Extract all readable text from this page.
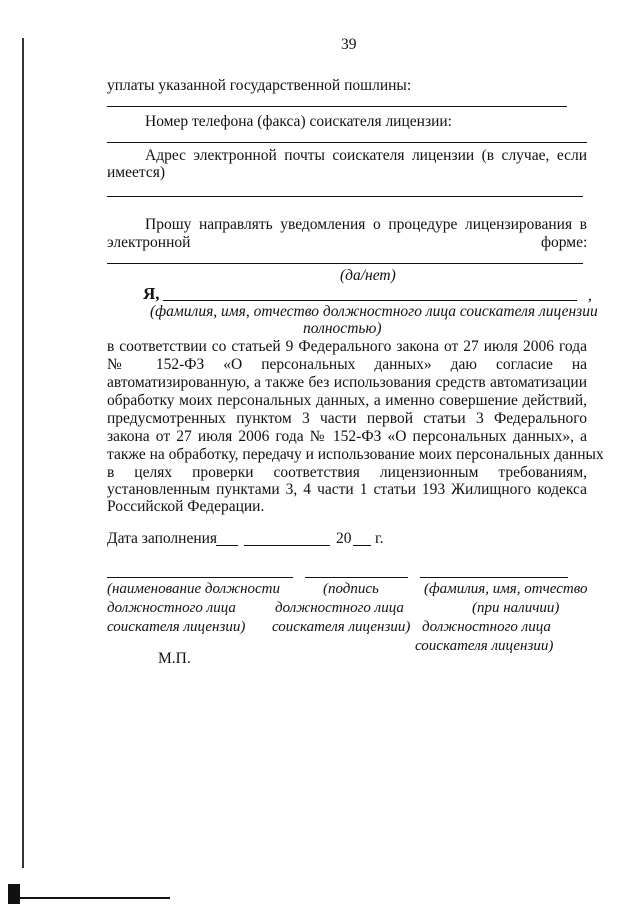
39
уплаты указанной государственной пошлины:
Номер телефона (факса) соискателя лицензии:
Адрес электронной почты соискателя лицензии (в случае, если
имеется)
Прошу направлять уведомления о процедуре лицензирования в
электронной	форме:
(да/нет)
Я,	,
(фамилия, имя, отчество должностного лица соискателя лицензии
полностью)
в соответствии со статьей 9 Федерального закона от 27 июля 2006 года
№ 152-ФЗ «О персональных данных» даю согласие на
автоматизированную, а также без использования средств автоматизации
обработку моих персональных данных, а именно совершение действий,
предусмотренных пунктом 3 части первой статьи 3 Федерального
закона от 27 июля 2006 года № 152-ФЗ «О персональных данных», а
также на обработку, передачу и использование моих персональных данных
в целях проверки соответствия лицензионным требованиям,
установленным пунктами 3, 4 части 1 статьи 193 Жилищного кодекса
Российской Федерации.
Дата заполнения	20 г.
(наименование должности
должностного лица
соискателя лицензии)
(подпись
должностного лица
соискателя лицензии)
(фамилия, имя, отчество
(при наличии)
должностного лица
соискателя лицензии)
М.П.
